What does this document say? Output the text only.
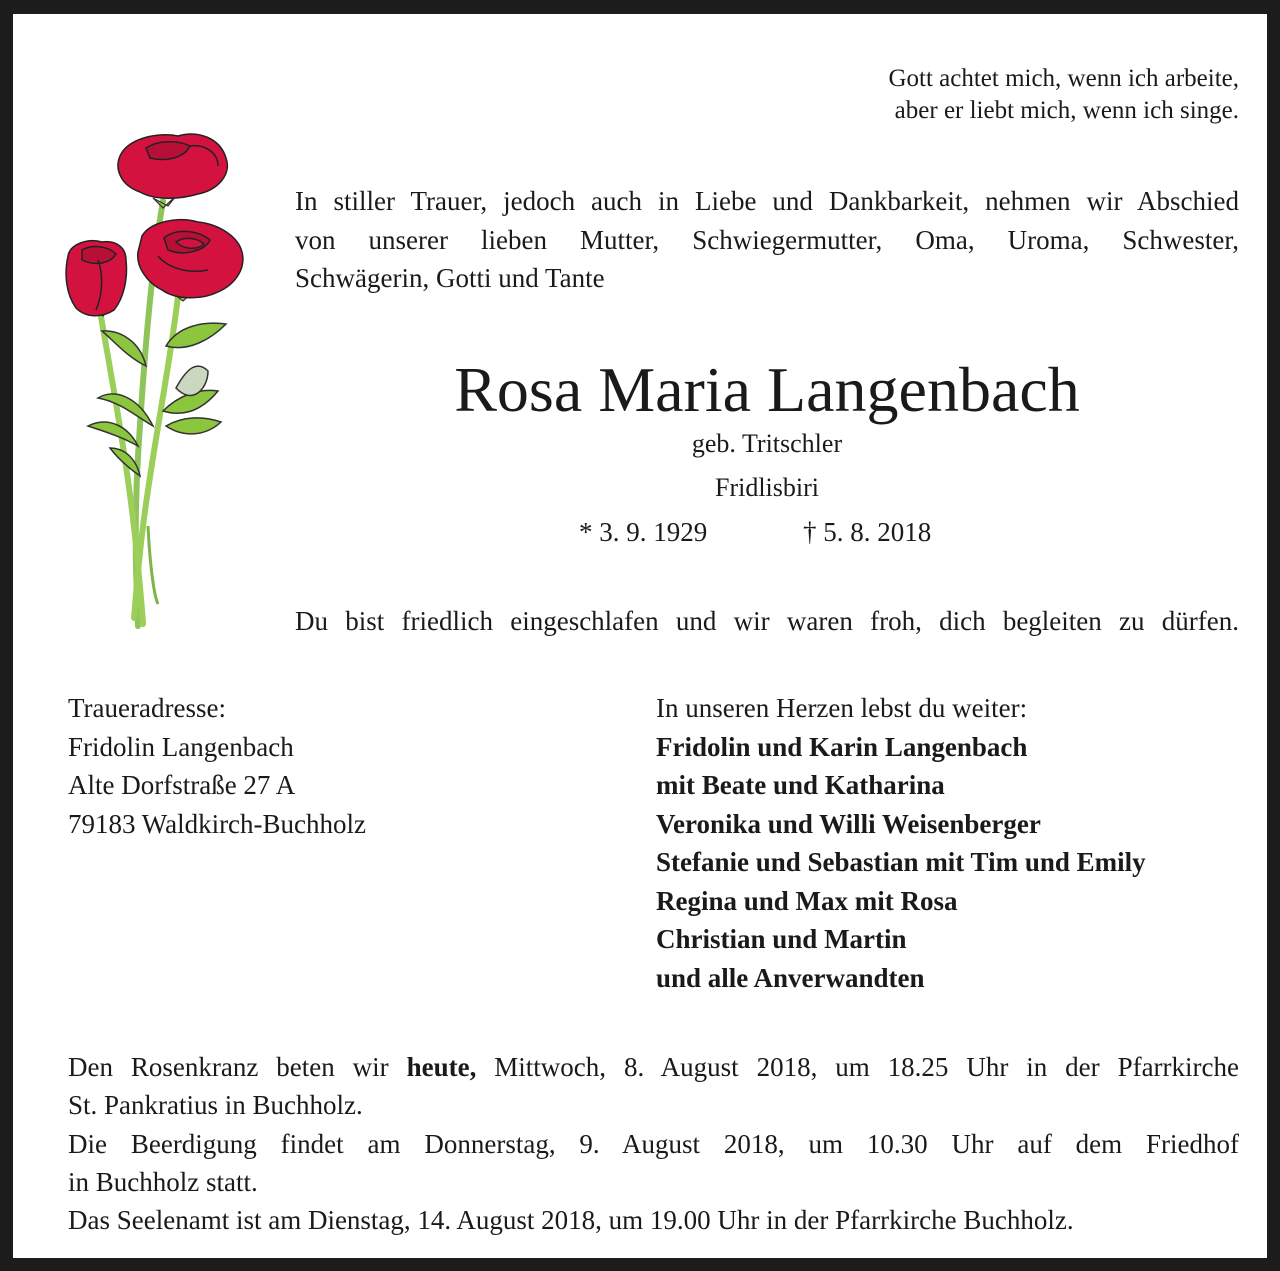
Gott achtet mich, wenn ich arbeite,
aber er liebt mich, wenn ich singe.
In stiller Trauer, jedoch auch in Liebe und Dankbarkeit, nehmen wir Abschied
von unserer lieben Mutter, Schwiegermutter, Oma, Uroma, Schwester,
Schwägerin, Gotti und Tante
Rosa Maria Langenbach
geb. Tritschler
Fridlisbiri
* 3. 9. 1929	† 5. 8. 2018
Du bist friedlich eingeschlafen und wir waren froh, dich begleiten zu dürfen.
Traueradresse:
Fridolin Langenbach
Alte Dorfstraße 27 A
79183 Waldkirch-Buchholz
In unseren Herzen lebst du weiter:
Fridolin und Karin Langenbach
mit Beate und Katharina
Veronika und Willi Weisenberger
Stefanie und Sebastian mit Tim und Emily
Regina und Max mit Rosa
Christian und Martin
und alle Anverwandten
Den Rosenkranz beten wir heute, Mittwoch, 8. August 2018, um 18.25 Uhr in der Pfarrkirche
St. Pankratius in Buchholz.
Die Beerdigung findet am Donnerstag, 9. August 2018, um 10.30 Uhr auf dem Friedhof
in Buchholz statt.
Das Seelenamt ist am Dienstag, 14. August 2018, um 19.00 Uhr in der Pfarrkirche Buchholz.
